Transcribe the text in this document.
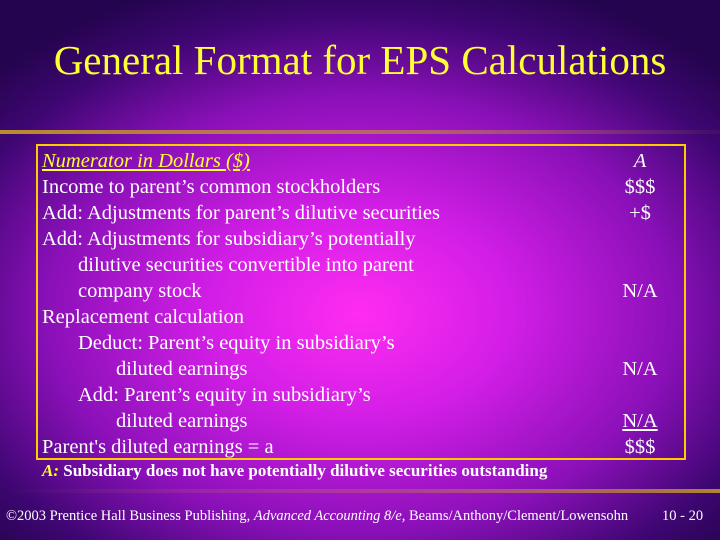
General Format for EPS Calculations
Numerator in Dollars ($)	A
Income to parent’s common stockholders
Add: Adjustments for parent’s dilutive securities
Add: Adjustments for subsidiary’s potentially
dilutive securities convertible into parent
company stock
Replacement calculation
Deduct: Parent’s equity in subsidiary’s
diluted earnings
Add: Parent’s equity in subsidiary’s
diluted earnings
Parent's diluted earnings = a
$$$
+$
N/A
N/A
N/A
$$$
A: Subsidiary does not have potentially dilutive securities outstanding
©2003 Prentice Hall Business Publishing, Advanced Accounting 8/e, Beams/Anthony/Clement/Lowensohn 10 - 20
